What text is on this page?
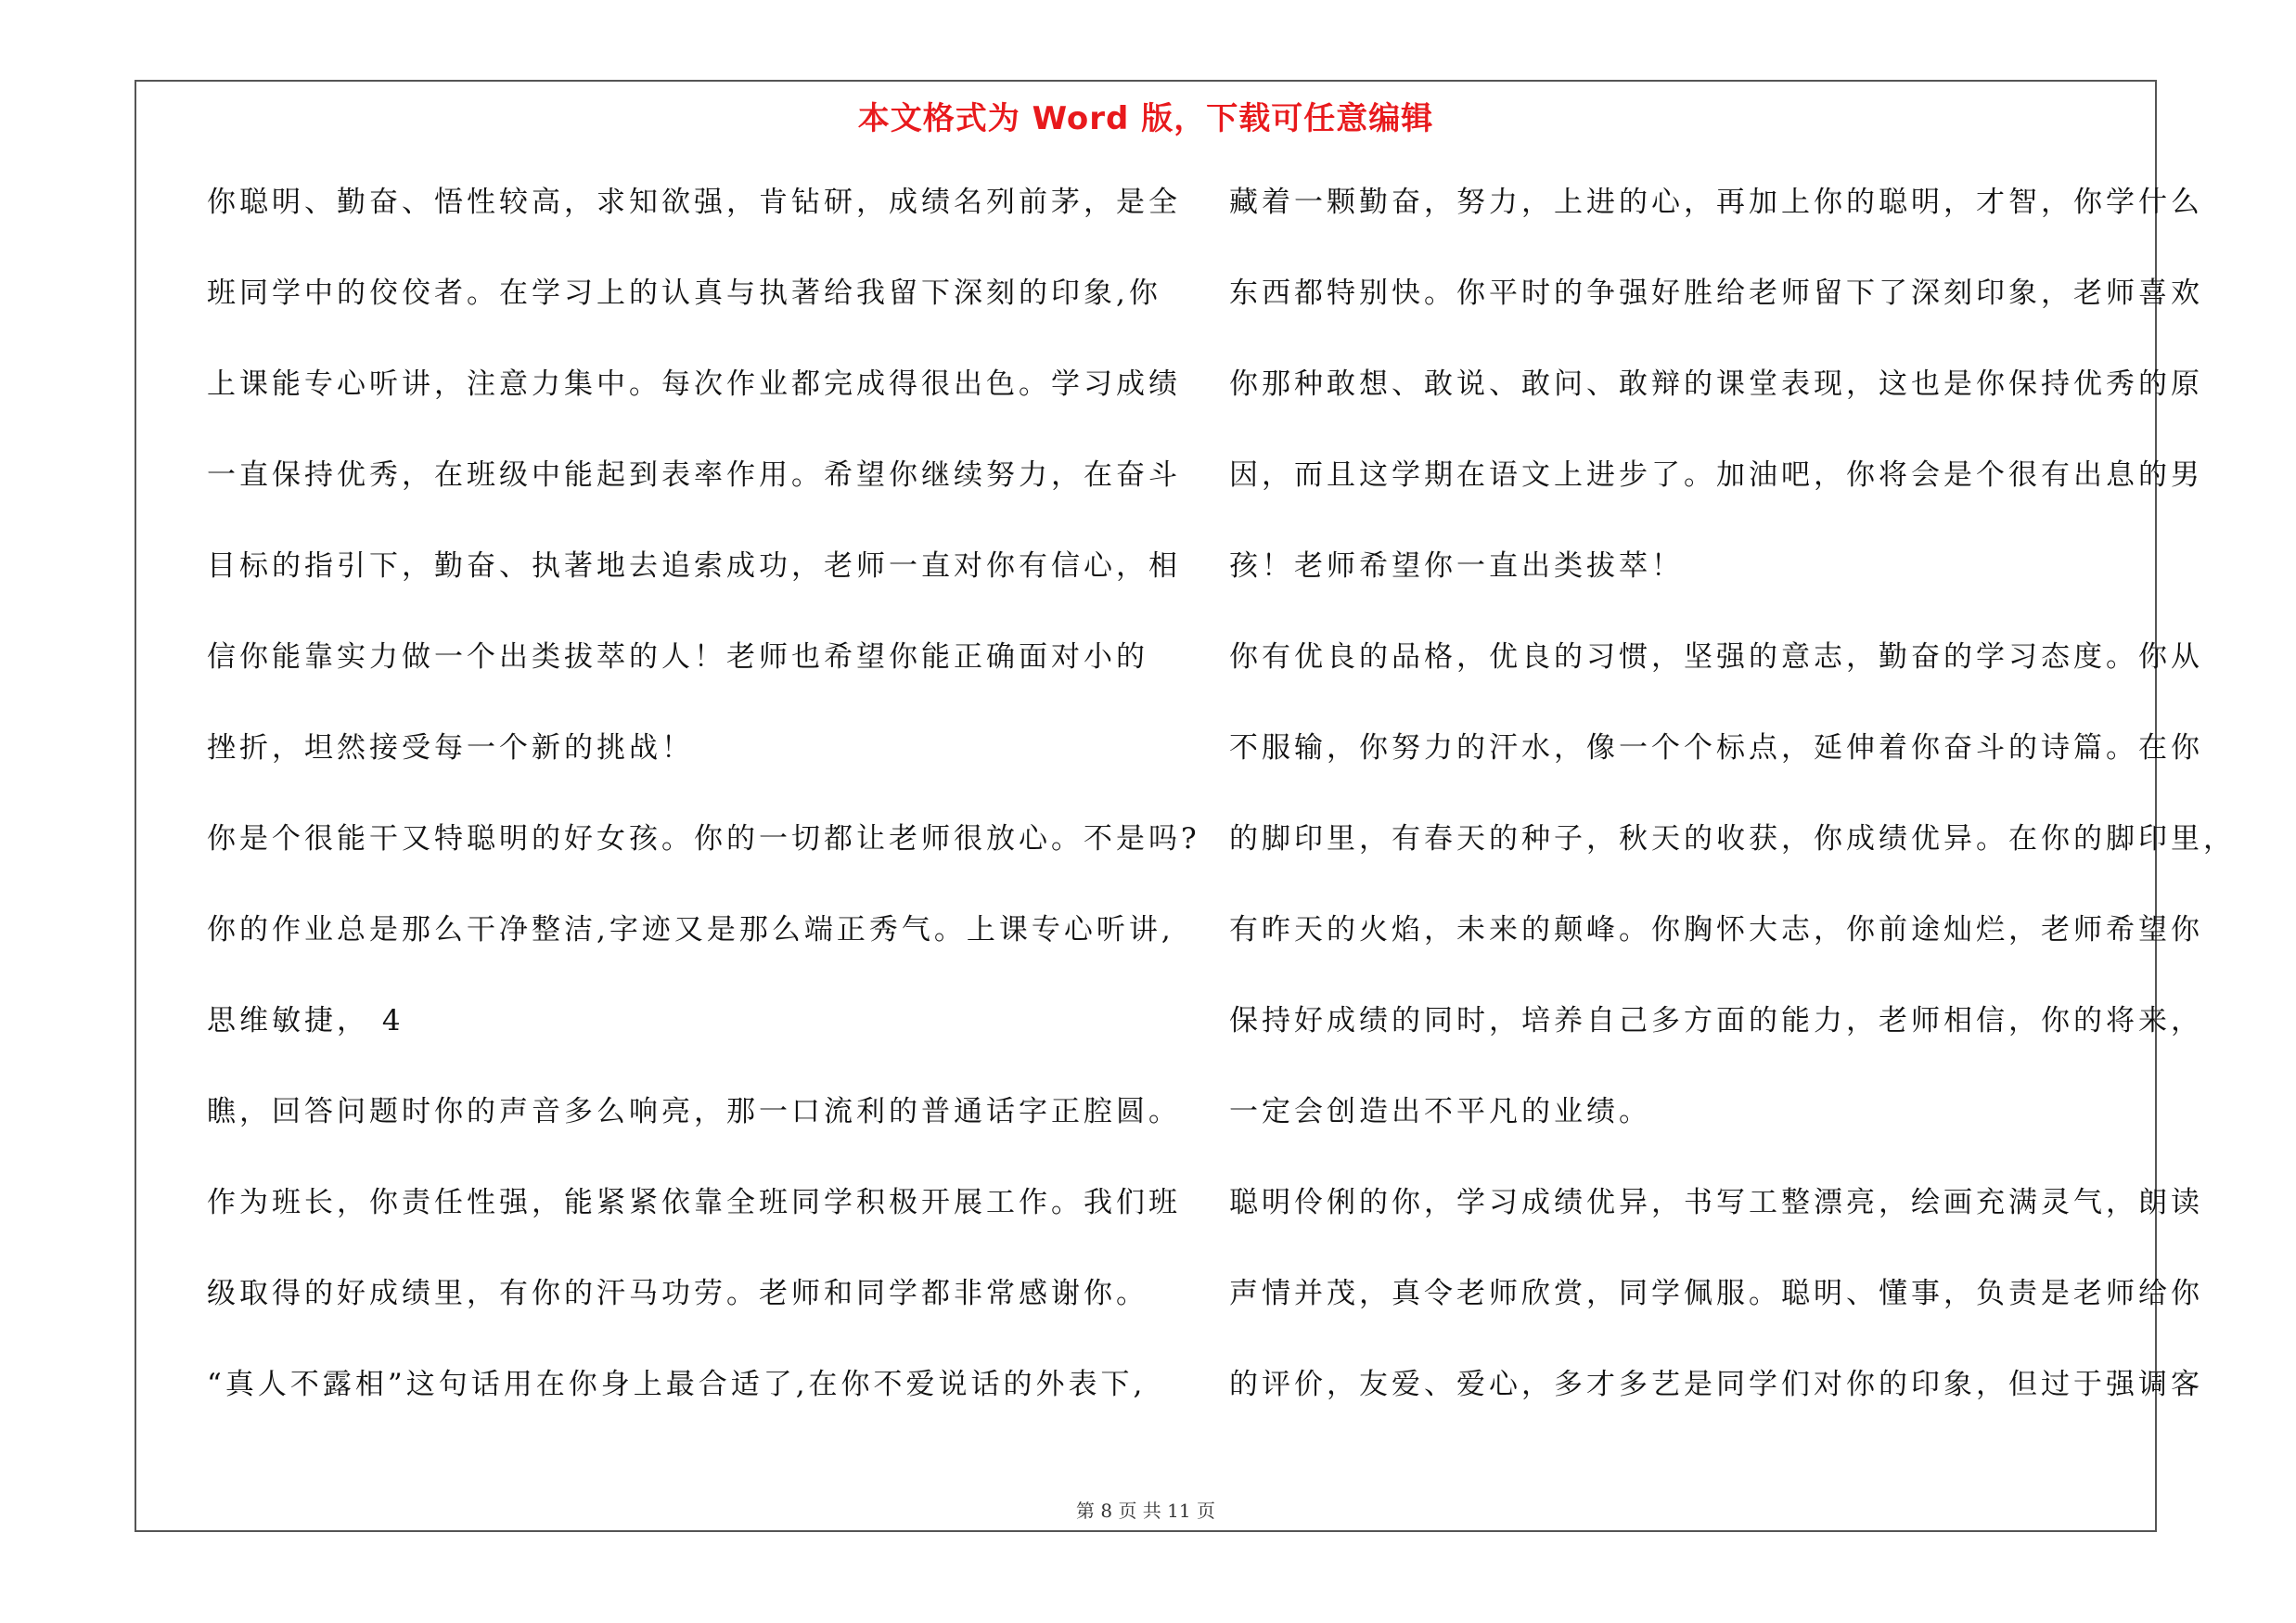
本文格式为 Word 版，下载可任意编辑
你聪明、勤奋、悟性较高，求知欲强，肯钻研，成绩名列前茅，是全
班同学中的佼佼者。在学习上的认真与执著给我留下深刻的印象,你
上课能专心听讲，注意力集中。每次作业都完成得很出色。学习成绩
一直保持优秀，在班级中能起到表率作用。希望你继续努力，在奋斗
目标的指引下，勤奋、执著地去追索成功，老师一直对你有信心，相
信你能靠实力做一个出类拔萃的人！老师也希望你能正确面对小的
挫折，坦然接受每一个新的挑战！
你是个很能干又特聪明的好女孩。你的一切都让老师很放心。不是吗?
你的作业总是那么干净整洁,字迹又是那么端正秀气。上课专心听讲,
思维敏捷， 4
瞧，回答问题时你的声音多么响亮，那一口流利的普通话字正腔圆。
作为班长，你责任性强，能紧紧依靠全班同学积极开展工作。我们班
级取得的好成绩里，有你的汗马功劳。老师和同学都非常感谢你。
“真人不露相”这句话用在你身上最合适了,在你不爱说话的外表下,
藏着一颗勤奋，努力，上进的心，再加上你的聪明，才智，你学什么
东西都特别快。你平时的争强好胜给老师留下了深刻印象，老师喜欢
你那种敢想、敢说、敢问、敢辩的课堂表现，这也是你保持优秀的原
因，而且这学期在语文上进步了。加油吧，你将会是个很有出息的男
孩！老师希望你一直出类拔萃！
你有优良的品格，优良的习惯，坚强的意志，勤奋的学习态度。你从
不服输，你努力的汗水，像一个个标点，延伸着你奋斗的诗篇。在你
的脚印里，有春天的种子，秋天的收获，你成绩优异。在你的脚印里，
有昨天的火焰，未来的颠峰。你胸怀大志，你前途灿烂，老师希望你
保持好成绩的同时，培养自己多方面的能力，老师相信，你的将来，
一定会创造出不平凡的业绩。
聪明伶俐的你，学习成绩优异，书写工整漂亮，绘画充满灵气，朗读
声情并茂，真令老师欣赏，同学佩服。聪明、懂事，负责是老师给你
的评价，友爱、爱心，多才多艺是同学们对你的印象，但过于强调客
第 8 页 共 11 页
